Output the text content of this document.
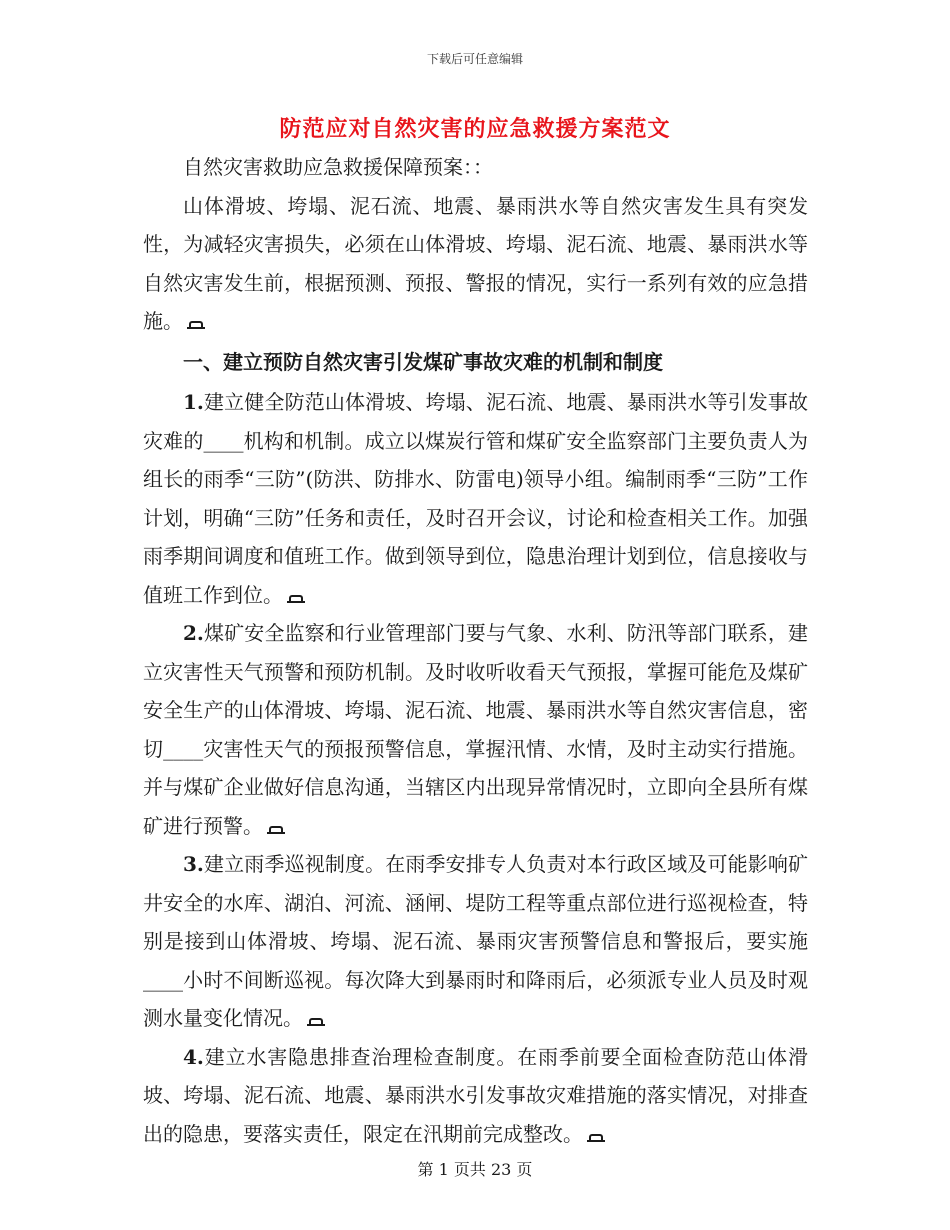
下载后可任意编辑
防范应对自然灾害的应急救援方案范文

自然灾害救助应急救援保障预案：：

山体滑坡、垮塌、泥石流、地震、暴雨洪水等自然灾害发生具有突发性，为减轻灾害损失，必须在山体滑坡、垮塌、泥石流、地震、暴雨洪水等自然灾害发生前，根据预测、预报、警报的情况，实行一系列有效的应急措施。

一、建立预防自然灾害引发煤矿事故灾难的机制和制度

1.建立健全防范山体滑坡、垮塌、泥石流、地震、暴雨洪水等引发事故灾难的____机构和机制。成立以煤炭行管和煤矿安全监察部门主要负责人为组长的雨季“三防”(防洪、防排水、防雷电)领导小组。编制雨季“三防”工作计划，明确“三防”任务和责任，及时召开会议，讨论和检查相关工作。加强雨季期间调度和值班工作。做到领导到位，隐患治理计划到位，信息接收与值班工作到位。

2.煤矿安全监察和行业管理部门要与气象、水利、防汛等部门联系，建立灾害性天气预警和预防机制。及时收听收看天气预报，掌握可能危及煤矿安全生产的山体滑坡、垮塌、泥石流、地震、暴雨洪水等自然灾害信息，密切____灾害性天气的预报预警信息，掌握汛情、水情，及时主动实行措施。并与煤矿企业做好信息沟通，当辖区内出现异常情况时，立即向全县所有煤矿进行预警。

3.建立雨季巡视制度。在雨季安排专人负责对本行政区域及可能影响矿井安全的水库、湖泊、河流、涵闸、堤防工程等重点部位进行巡视检查，特别是接到山体滑坡、垮塌、泥石流、暴雨灾害预警信息和警报后，要实施____小时不间断巡视。每次降大到暴雨时和降雨后，必须派专业人员及时观测水量变化情况。

4.建立水害隐患排查治理检查制度。在雨季前要全面检查防范山体滑坡、垮塌、泥石流、地震、暴雨洪水引发事故灾难措施的落实情况，对排查出的隐患，要落实责任，限定在汛期前完成整改。

第 1 页共 23 页
